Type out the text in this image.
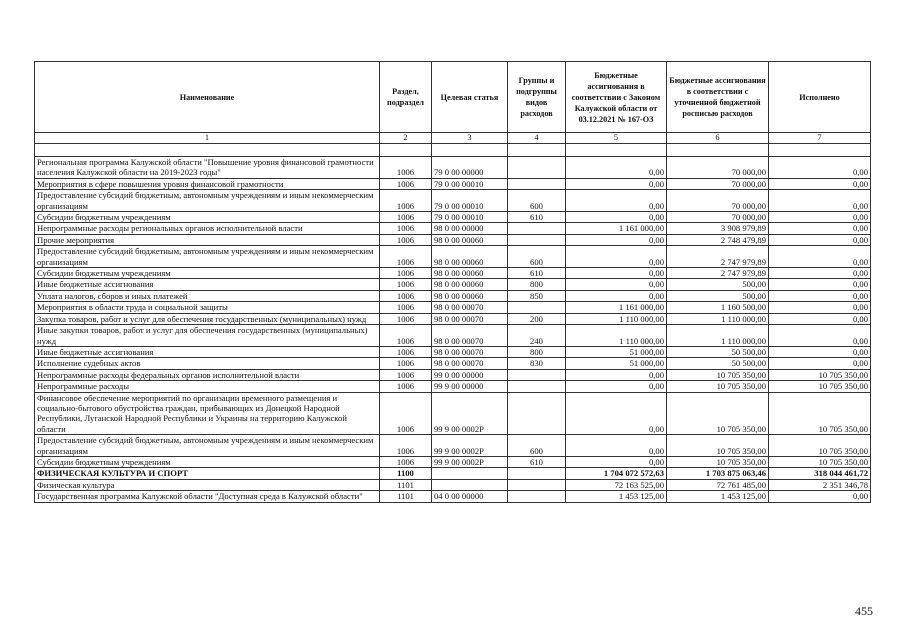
Наименование	Раздел, подраздел	Целевая статья	Группы и подгруппы видов расходов	Бюджетные ассигнования в соответствии с Законом Калужской области от 03.12.2021 № 167-ОЗ	Бюджетные ассигнования в соответствии с уточненной бюджетной росписью расходов	Исполнено
1	2	3	4	5	6	7

Региональная программа Калужской области "Повышение уровня финансовой грамотности населения Калужской области на 2019-2023 годы"	1006	79 0 00 00000		0,00	70 000,00	0,00
Мероприятия в сфере повышения уровня финансовой грамотности	1006	79 0 00 00010		0,00	70 000,00	0,00
Предоставление субсидий бюджетным, автономным учреждениям и иным некоммерческим организациям	1006	79 0 00 00010	600	0,00	70 000,00	0,00
Субсидии бюджетным учреждениям	1006	79 0 00 00010	610	0,00	70 000,00	0,00
Непрограммные расходы региональных органов исполнительной власти	1006	98 0 00 00000		1 161 000,00	3 908 979,89	0,00
Прочие мероприятия	1006	98 0 00 00060		0,00	2 748 479,89	0,00
Предоставление субсидий бюджетным, автономным учреждениям и иным некоммерческим организациям	1006	98 0 00 00060	600	0,00	2 747 979,89	0,00
Субсидии бюджетным учреждениям	1006	98 0 00 00060	610	0,00	2 747 979,89	0,00
Иные бюджетные ассигнования	1006	98 0 00 00060	800	0,00	500,00	0,00
Уплата налогов, сборов и иных платежей	1006	98 0 00 00060	850	0,00	500,00	0,00
Мероприятия в области труда и социальной защиты	1006	98 0 00 00070		1 161 000,00	1 160 500,00	0,00
Закупка товаров, работ и услуг для обеспечения государственных (муниципальных) нужд	1006	98 0 00 00070	200	1 110 000,00	1 110 000,00	0,00
Иные закупки товаров, работ и услуг для обеспечения государственных (муниципальных) нужд	1006	98 0 00 00070	240	1 110 000,00	1 110 000,00	0,00
Иные бюджетные ассигнования	1006	98 0 00 00070	800	51 000,00	50 500,00	0,00
Исполнение судебных актов	1006	98 0 00 00070	830	51 000,00	50 500,00	0,00
Непрограммные расходы федеральных органов исполнительной власти	1006	99 0 00 00000		0,00	10 705 350,00	10 705 350,00
Непрограммные расходы	1006	99 9 00 00000		0,00	10 705 350,00	10 705 350,00
Финансовое обеспечение мероприятий по организации временного размещения и социально-бытового обустройства граждан, прибывающих из Донецкой Народной Республики, Луганской Народной Республики и Украины на территорию Калужской области	1006	99 9 00 0002Р		0,00	10 705 350,00	10 705 350,00
Предоставление субсидий бюджетным, автономным учреждениям и иным некоммерческим организациям	1006	99 9 00 0002Р	600	0,00	10 705 350,00	10 705 350,00
Субсидии бюджетным учреждениям	1006	99 9 00 0002Р	610	0,00	10 705 350,00	10 705 350,00
ФИЗИЧЕСКАЯ КУЛЬТУРА И СПОРТ	1100			1 704 072 572,63	1 703 875 063,46	318 044 461,72
Физическая культура	1101			72 163 525,00	72 761 485,00	2 351 346,78
Государственная программа Калужской области "Доступная среда в Калужской области"	1101	04 0 00 00000		1 453 125,00	1 453 125,00	0,00
455
